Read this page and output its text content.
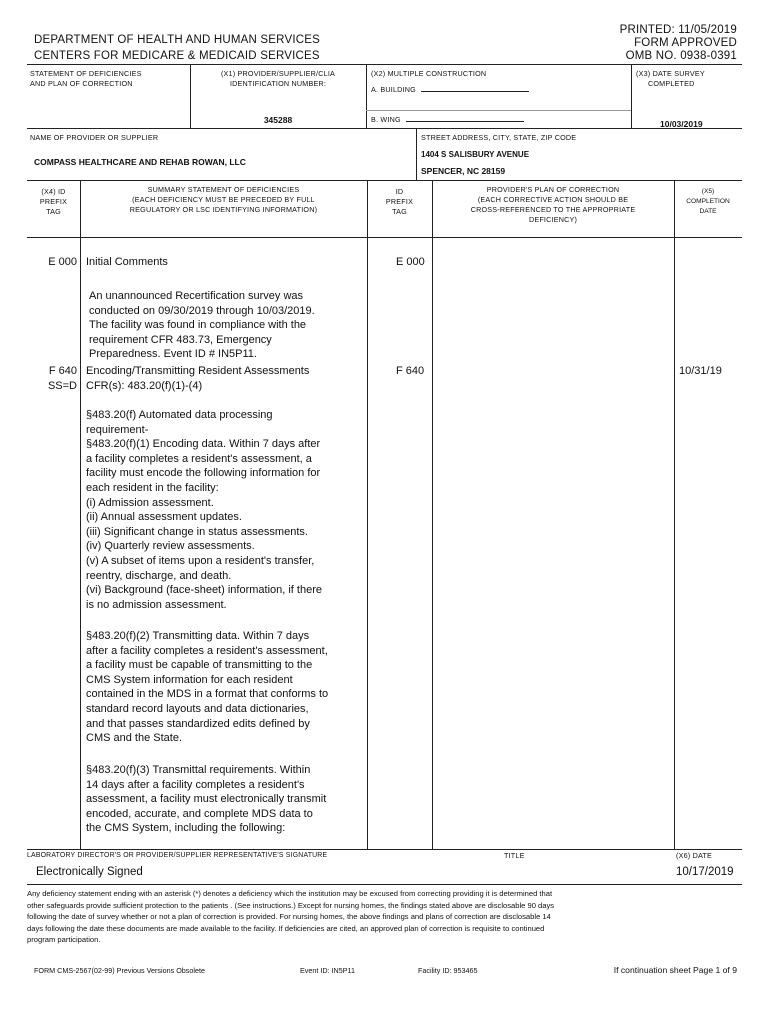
PRINTED: 11/05/2019
FORM APPROVED
OMB NO. 0938-0391
DEPARTMENT OF HEALTH AND HUMAN SERVICES
CENTERS FOR MEDICARE & MEDICAID SERVICES
STATEMENT OF DEFICIENCIES
AND PLAN OF CORRECTION
(X1) PROVIDER/SUPPLIER/CLIA
IDENTIFICATION NUMBER:
345288
(X2) MULTIPLE CONSTRUCTION
A. BUILDING
B. WING
(X3) DATE SURVEY
COMPLETED
10/03/2019
NAME OF PROVIDER OR SUPPLIER
COMPASS HEALTHCARE AND REHAB ROWAN, LLC
STREET ADDRESS, CITY, STATE, ZIP CODE
1404 S SALISBURY AVENUE
SPENCER, NC 28159
(X4) ID
PREFIX
TAG
SUMMARY STATEMENT OF DEFICIENCIES
(EACH DEFICIENCY MUST BE PRECEDED BY FULL
REGULATORY OR LSC IDENTIFYING INFORMATION)
ID
PREFIX
TAG
PROVIDER'S PLAN OF CORRECTION
(EACH CORRECTIVE ACTION SHOULD BE
CROSS-REFERENCED TO THE APPROPRIATE
DEFICIENCY)
(X5)
COMPLETION
DATE
E 000 Initial Comments	E 000
An unannounced Recertification survey was
conducted on 09/30/2019 through 10/03/2019.
The facility was found in compliance with the
requirement CFR 483.73, Emergency
Preparedness. Event ID # IN5P11.
F 640
SS=D
Encoding/Transmitting Resident Assessments
CFR(s): 483.20(f)(1)-(4)
F 640	10/31/19
§483.20(f) Automated data processing
requirement-
§483.20(f)(1) Encoding data. Within 7 days after
a facility completes a resident's assessment, a
facility must encode the following information for
each resident in the facility:
(i) Admission assessment.
(ii) Annual assessment updates.
(iii) Significant change in status assessments.
(iv) Quarterly review assessments.
(v) A subset of items upon a resident's transfer,
reentry, discharge, and death.
(vi) Background (face-sheet) information, if there
is no admission assessment.
§483.20(f)(2) Transmitting data. Within 7 days
after a facility completes a resident's assessment,
a facility must be capable of transmitting to the
CMS System information for each resident
contained in the MDS in a format that conforms to
standard record layouts and data dictionaries,
and that passes standardized edits defined by
CMS and the State.
§483.20(f)(3) Transmittal requirements. Within
14 days after a facility completes a resident's
assessment, a facility must electronically transmit
encoded, accurate, and complete MDS data to
the CMS System, including the following:
LABORATORY DIRECTOR'S OR PROVIDER/SUPPLIER REPRESENTATIVE'S SIGNATURE	TITLE	(X6) DATE
Electronically Signed	10/17/2019
Any deficiency statement ending with an asterisk (*) denotes a deficiency which the institution may be excused from correcting providing it is determined that
other safeguards provide sufficient protection to the patients . (See instructions.) Except for nursing homes, the findings stated above are disclosable 90 days
following the date of survey whether or not a plan of correction is provided. For nursing homes, the above findings and plans of correction are disclosable 14
days following the date these documents are made available to the facility. If deficiencies are cited, an approved plan of correction is requisite to continued
program participation.
FORM CMS-2567(02-99) Previous Versions Obsolete	Event ID: IN5P11	Facility ID: 953465	If continuation sheet Page 1 of 9
